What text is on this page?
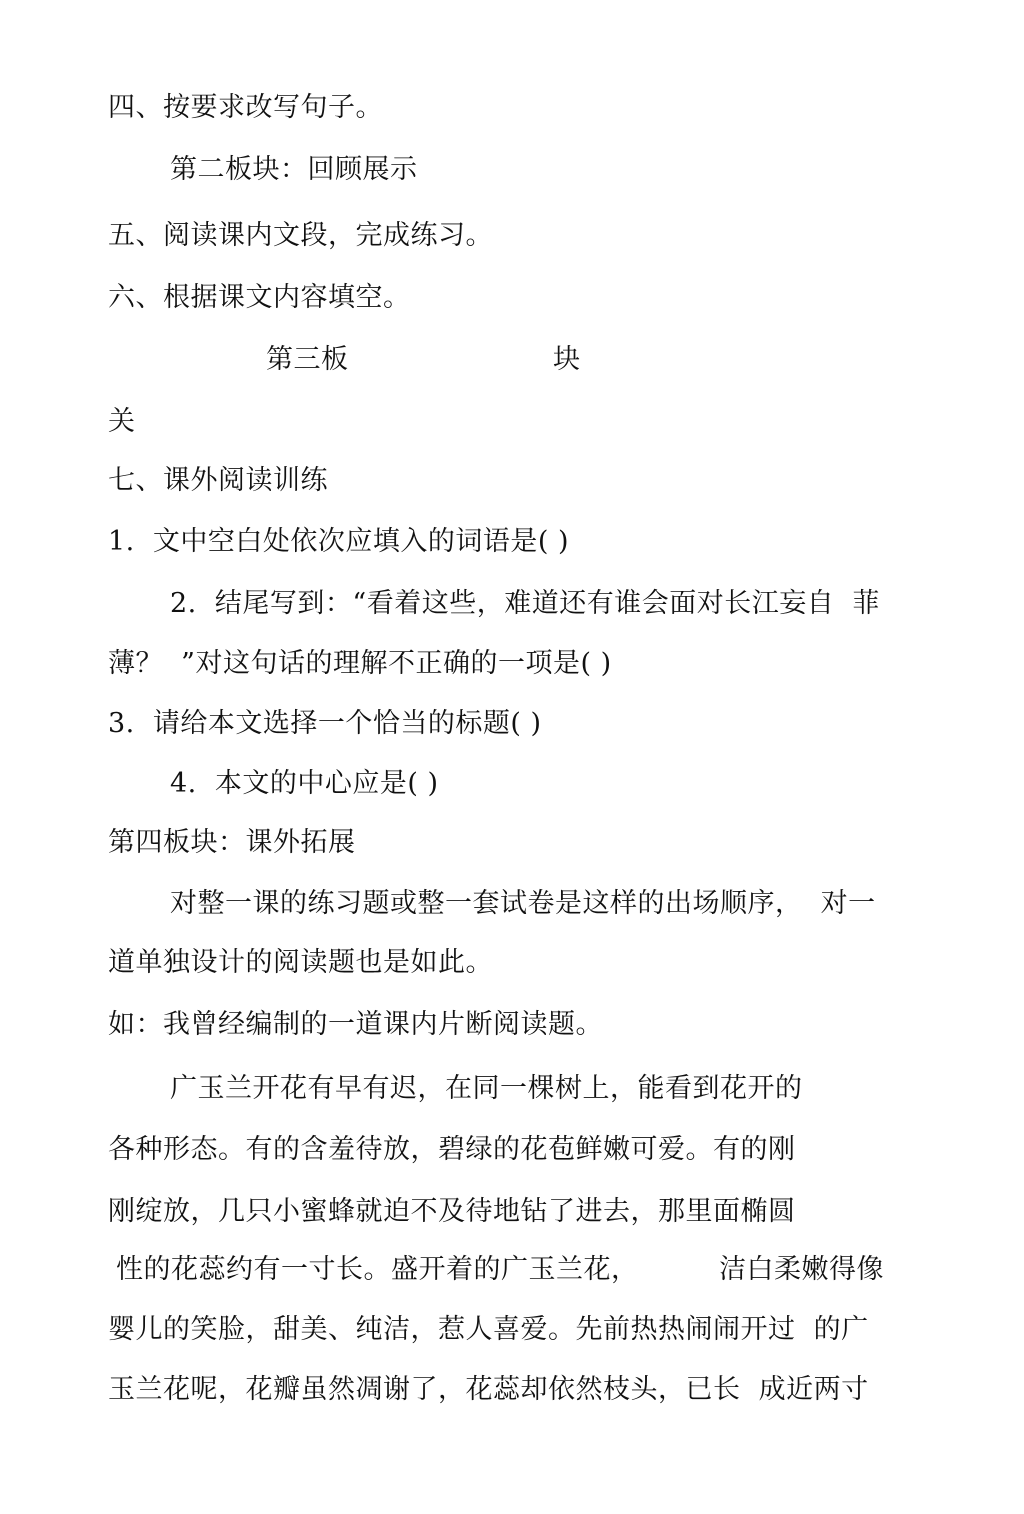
四、按要求改写句子。
第二板块：回顾展示
五、阅读课内文段，完成练习。
六、根据课文内容填空。
第三板	块
关
七、课外阅读训练
1.  文中空白处依次应填入的词语是( )
2.  结尾写到：“看着这些，难道还有谁会面对长江妄自  菲
薄？  ”对这句话的理解不正确的一项是( )
3.  请给本文选择一个恰当的标题( )
4.  本文的中心应是( )
第四板块：课外拓展
对整一课的练习题或整一套试卷是这样的出场顺序，  对一
道单独设计的阅读题也是如此。
如：我曾经编制的一道课内片断阅读题。
广玉兰开花有早有迟，在同一棵树上，能看到花开的
各种形态。有的含羞待放，碧绿的花苞鲜嫩可爱。有的刚
刚绽放，几只小蜜蜂就迫不及待地钻了进去，那里面椭圆
性的花蕊约有一寸长。盛开着的广玉兰花，	洁白柔嫩得像
婴儿的笑脸，甜美、纯洁，惹人喜爱。先前热热闹闹开过  的广
玉兰花呢，花瓣虽然凋谢了，花蕊却依然枝头，已长  成近两寸
